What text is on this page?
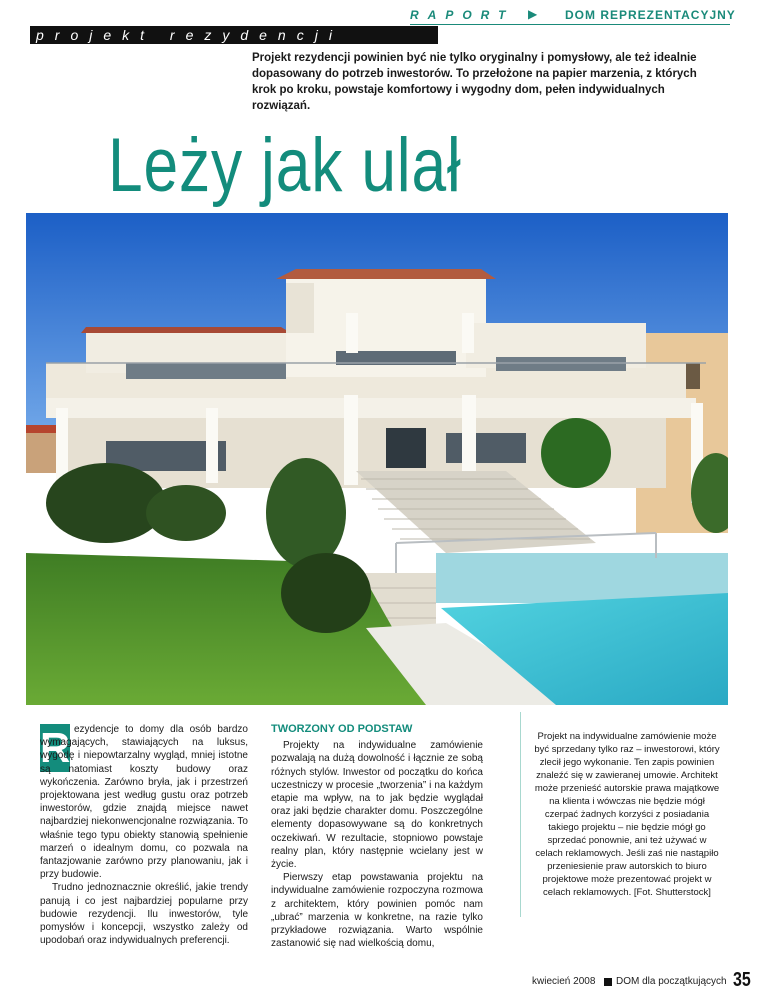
RAPORT ▶ DOM REPREZENTACYJNY
projekt rezydencji
Projekt rezydencji powinien być nie tylko oryginalny i pomysłowy, ale też idealnie dopasowany do potrzeb inwestorów. To przełożone na papier marzenia, z których krok po kroku, powstaje komfortowy i wygodny dom, pełen indywidualnych rozwiązań.
Leży jak ulał
R ezydencje to domy dla osób bardzo wymagających, stawiających na luksus, wygodę i niepowtarzalny wygląd, mniej istotne są natomiast koszty budowy oraz wykończenia. Zarówno bryła, jak i przestrzeń projektowana jest według gustu oraz potrzeb inwestorów, gdzie znajdą miejsce nawet najbardziej niekonwencjonalne rozwiązania. To właśnie tego typu obiekty stanowią spełnienie marzeń o idealnym domu, co pozwala na fantazjowanie zarówno przy planowaniu, jak i przy budowie.

Trudno jednoznacznie określić, jakie trendy panują i co jest najbardziej popularne przy budowie rezydencji. Ilu inwestorów, tyle pomysłów i koncepcji, wszystko zależy od upodobań oraz indywidualnych preferencji.

TWORZONY OD PODSTAW

Projekty na indywidualne zamówienie pozwalają na dużą dowolność i łącznie ze sobą różnych stylów. Inwestor od początku do końca uczestniczy w procesie „tworzenia” i na każdym etapie ma wpływ, na to jak będzie wyglądał oraz jaki będzie charakter domu. Poszczególne elementy dopasowywane są do konkretnych oczekiwań. W rezultacie, stopniowo powstaje realny plan, który następnie wcielany jest w życie.

Pierwszy etap powstawania projektu na indywidualne zamówienie rozpoczyna rozmowa z architektem, który powinien pomóc nam „ubrać” marzenia w konkretne, na razie tylko przykładowe rozwiązania. Warto wspólnie zastanowić się nad wielkością domu,

Projekt na indywidualne zamówienie może być sprzedany tylko raz – inwestorowi, który zlecił jego wykonanie. Ten zapis powinien znaleźć się w zawieranej umowie. Architekt może przenieść autorskie prawa majątkowe na klienta i wówczas nie będzie mógł czerpać żadnych korzyści z posiadania takiego projektu – nie będzie mógł go sprzedać ponownie, ani też używać w celach reklamowych. Jeśli zaś nie nastąpiło przeniesienie praw autorskich to biuro projektowe może prezentować projekt w celach reklamowych. [Fot. Shutterstock]
kwiecień 2008 DOM dla początkujących 35
